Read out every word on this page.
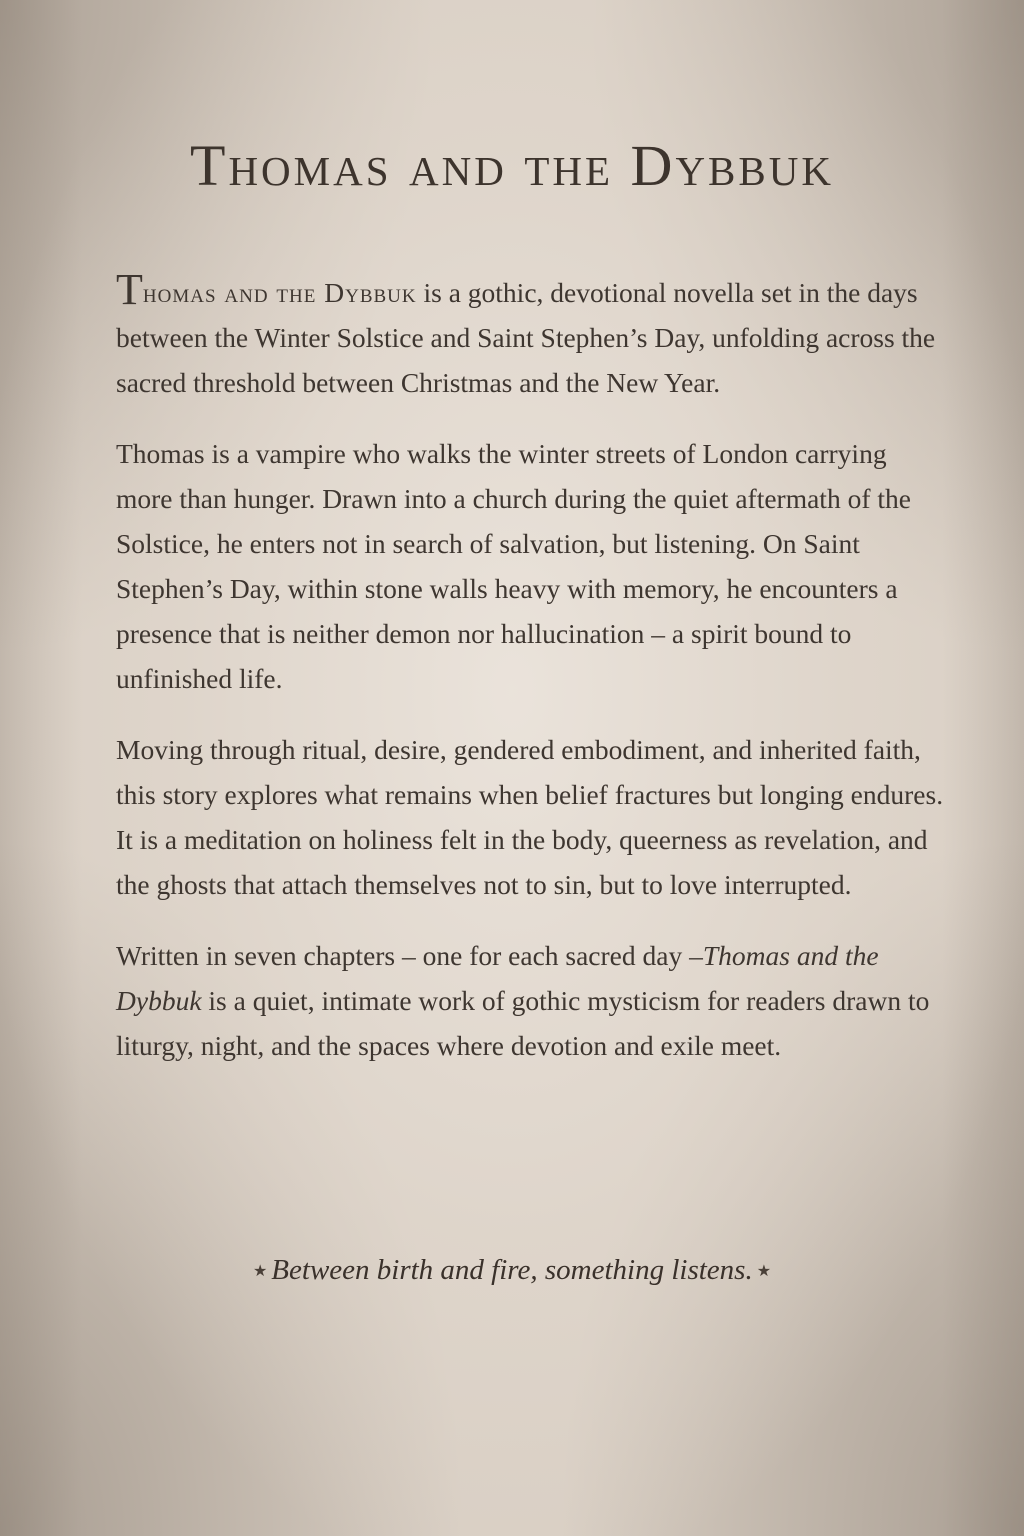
Thomas and the Dybbuk

Thomas and the Dybbuk is a gothic, devotional novella set in the days between the Winter Solstice and Saint Stephen’s Day, unfolding across the sacred threshold between Christmas and the New Year.

Thomas is a vampire who walks the winter streets of London carrying more than hunger. Drawn into a church during the quiet aftermath of the Solstice, he enters not in search of salvation, but listening. On Saint Stephen’s Day, within stone walls heavy with memory, he encounters a presence that is neither demon nor hallucination – a spirit bound to unfinished life.

Moving through ritual, desire, gendered embodiment, and inherited faith, this story explores what remains when belief fractures but longing endures. It is a meditation on holiness felt in the body, queerness as revelation, and the ghosts that attach themselves not to sin, but to love interrupted.

Written in seven chapters – one for each sacred day –Thomas and the Dybbuk is a quiet, intimate work of gothic mysticism for readers drawn to liturgy, night, and the spaces where devotion and exile meet.

★ Between birth and fire, something listens. ★
